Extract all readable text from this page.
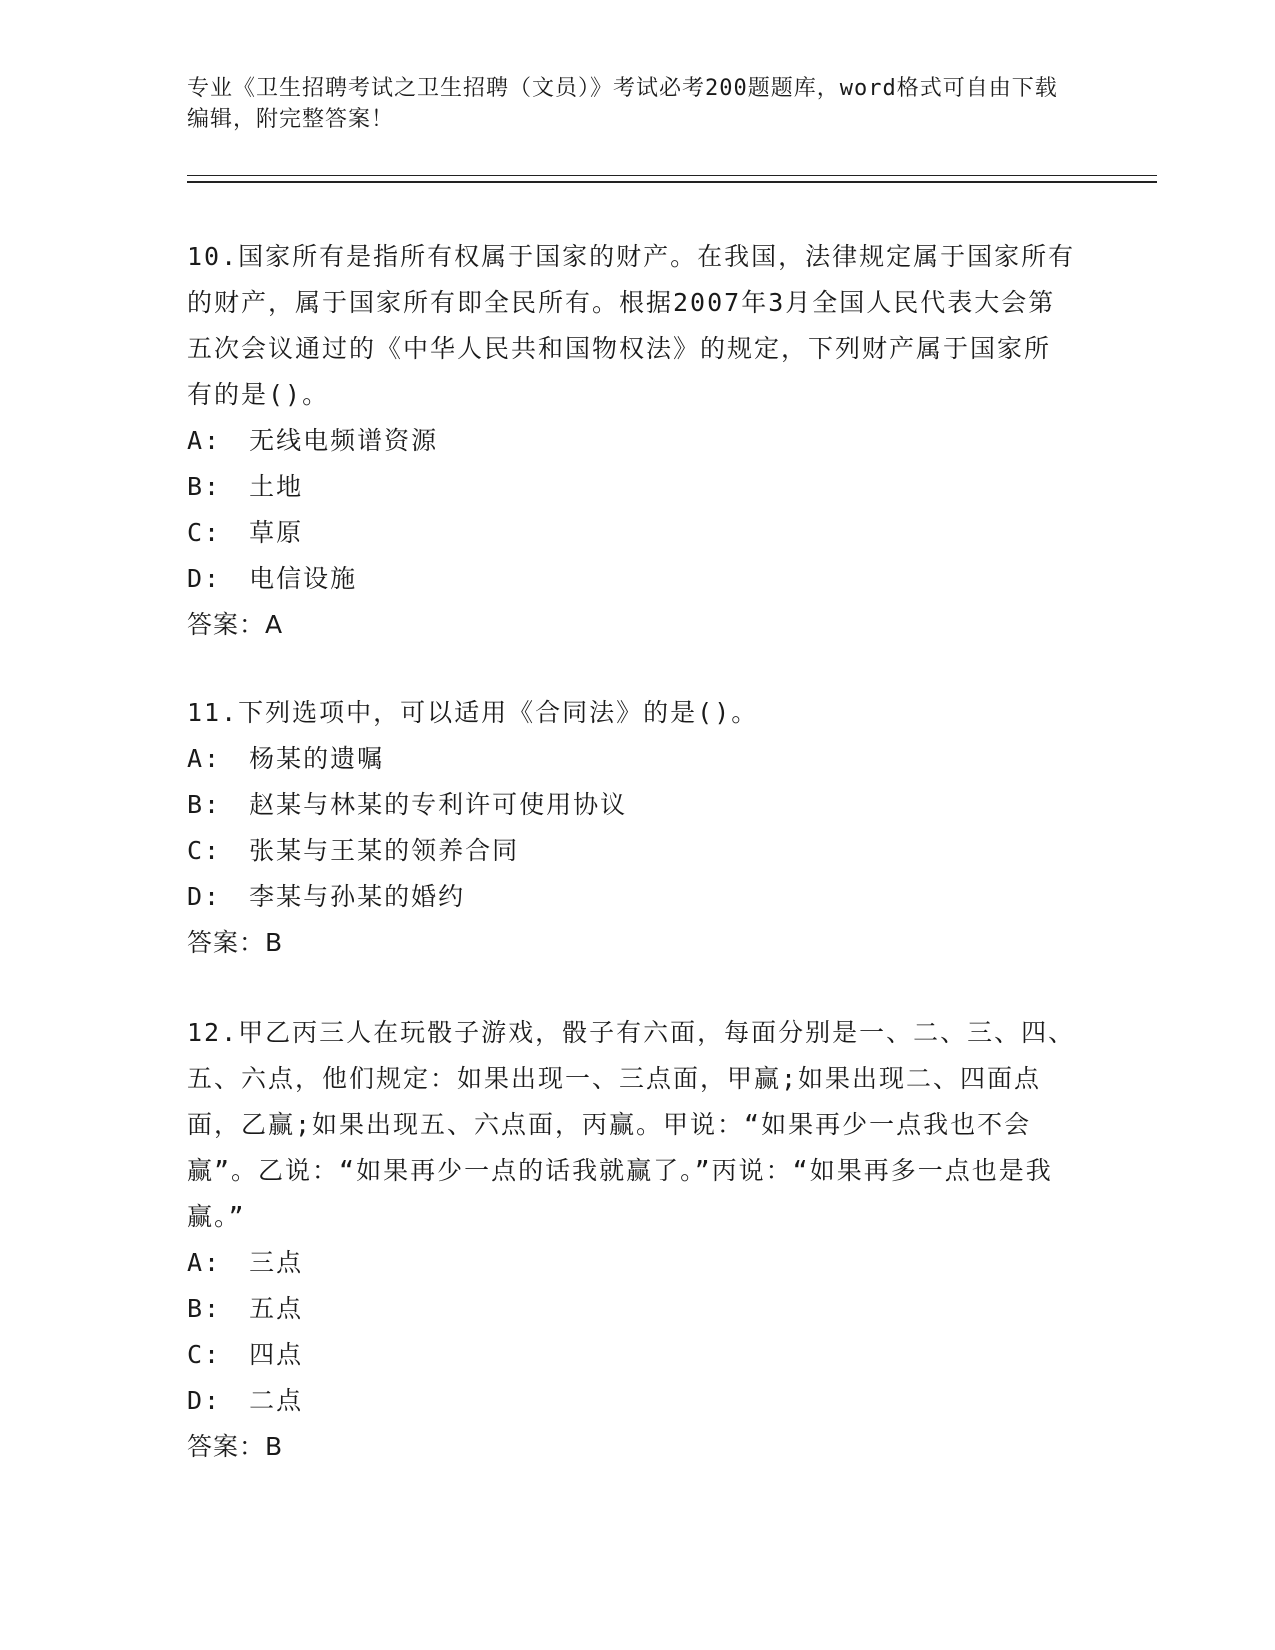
专业《卫生招聘考试之卫生招聘（文员）》考试必考200题题库，word格式可自由下载编辑，附完整答案！

10.国家所有是指所有权属于国家的财产。在我国，法律规定属于国家所有的财产，属于国家所有即全民所有。根据2007年3月全国人民代表大会第五次会议通过的《中华人民共和国物权法》的规定，下列财产属于国家所有的是()。

A: 无线电频谱资源

B: 土地

C: 草原

D: 电信设施

答案：A

11.下列选项中，可以适用《合同法》的是()。

A: 杨某的遗嘱

B: 赵某与林某的专利许可使用协议

C: 张某与王某的领养合同

D: 李某与孙某的婚约

答案：B

12.甲乙丙三人在玩骰子游戏，骰子有六面，每面分别是一、二、三、四、五、六点，他们规定：如果出现一、三点面，甲赢;如果出现二、四面点面，乙赢;如果出现五、六点面，丙赢。甲说：“如果再少一点我也不会赢”。乙说：“如果再少一点的话我就赢了。”丙说：“如果再多一点也是我赢。”

A: 三点

B: 五点

C: 四点

D: 二点

答案：B
